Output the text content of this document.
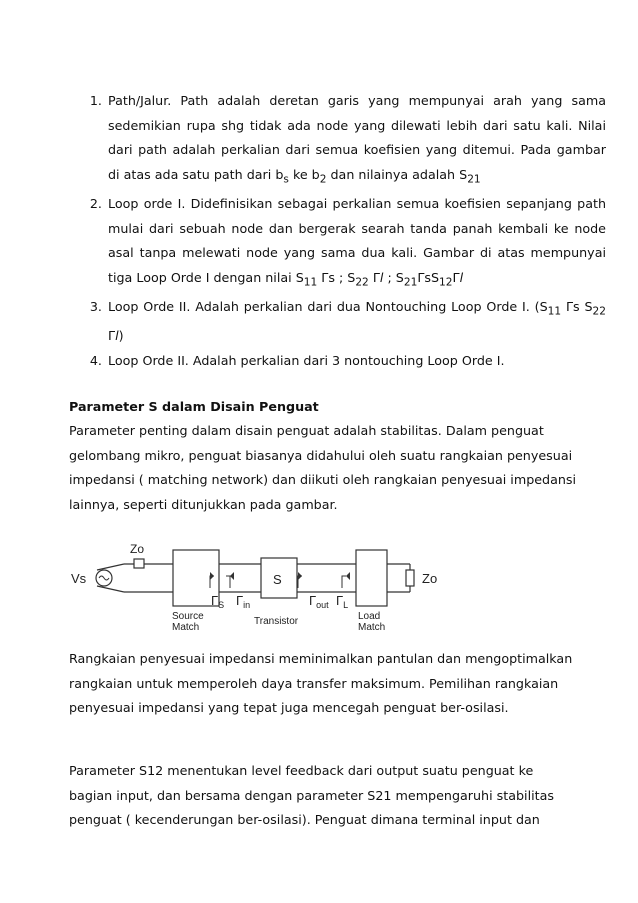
1. Path/Jalur. Path adalah deretan garis yang mempunyai arah yang sama sedemikian rupa shg tidak ada node yang dilewati lebih dari satu kali. Nilai dari path adalah perkalian dari semua koefisien yang ditemui. Pada gambar di atas ada satu path dari $b_s$ ke $b_2$ dan nilainya adalah $S_{21}$
2. Loop orde I. Didefinisikan sebagai perkalian semua koefisien sepanjang path mulai dari sebuah node dan bergerak searah tanda panah kembali ke node asal tanpa melewati node yang sama dua kali. Gambar di atas mempunyai tiga Loop Orde I dengan nilai $S_{11}$ Γs ; $S_{22}$ Γl ; $S_{21}\Gamma sS_{12}\Gamma l$
3. Loop Orde II. Adalah perkalian dari dua Nontouching Loop Orde I. ($S_{11}$ Γs $S_{22}$ Γl)
4. Loop Orde II. Adalah perkalian dari 3 nontouching Loop Orde I.
Parameter S dalam Disain Penguat

Parameter penting dalam disain penguat adalah stabilitas. Dalam penguat gelombang mikro, penguat biasanya didahului oleh suatu rangkaian penyesuai impedansi ( matching network) dan diikuti oleh rangkaian penyesuai impedansi lainnya, seperti ditunjukkan pada gambar.

Vs
Zo
Zo
S
$\Gamma_S$ $\Gamma_{in}$	$\Gamma_{out}$ $\Gamma_L$
Source
Match
Transistor	Load
Match

Rangkaian penyesuai impedansi meminimalkan pantulan dan mengoptimalkan rangkaian untuk memperoleh daya transfer maksimum. Pemilihan rangkaian penyesuai impedansi yang tepat juga mencegah penguat ber-osilasi.

Parameter S12 menentukan level feedback dari output suatu penguat ke bagian input, dan bersama dengan parameter S21 mempengaruhi stabilitas penguat ( kecenderungan ber-osilasi). Penguat dimana terminal input dan
